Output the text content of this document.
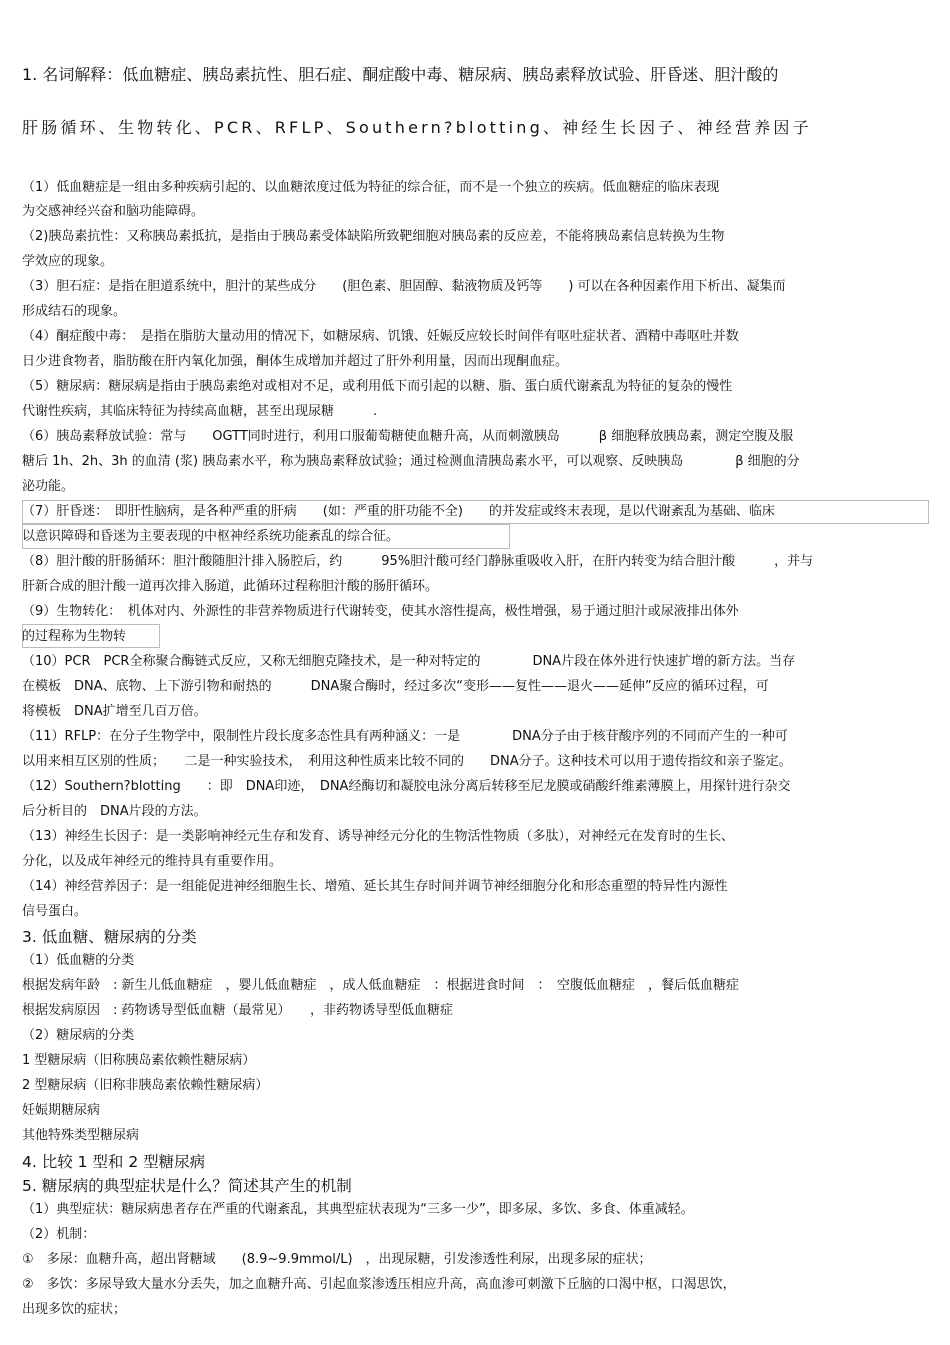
1. 名词解释：低血糖症、胰岛素抗性、胆石症、酮症酸中毒、糖尿病、胰岛素释放试验、肝昏迷、胆汁酸的
肝肠循环、生物转化、PCR、RFLP、Southern?blotting、神经生长因子、神经营养因子
（1）低血糖症是一组由多种疾病引起的、以血糖浓度过低为特征的综合征，而不是一个独立的疾病。低血糖症的临床表现
为交感神经兴奋和脑功能障碍。
（2)胰岛素抗性：又称胰岛素抵抗，是指由于胰岛素受体缺陷所致靶细胞对胰岛素的反应差，不能将胰岛素信息转换为生物
学效应的现象。
（3）胆石症：是指在胆道系统中，胆汁的某些成分　　(胆色素、胆固醇、黏液物质及钙等　　) 可以在各种因素作用下析出、凝集而
形成结石的现象。
（4）酮症酸中毒：　是指在脂肪大量动用的情况下，如糖尿病、饥饿、妊娠反应较长时间伴有呕吐症状者、酒精中毒呕吐并数
日少进食物者，脂肪酸在肝内氧化加强，酮体生成增加并超过了肝外利用量，因而出现酮血症。
（5）糖尿病：糖尿病是指由于胰岛素绝对或相对不足，或利用低下而引起的以糖、脂、蛋白质代谢紊乱为特征的复杂的慢性
代谢性疾病，其临床特征为持续高血糖，甚至出现尿糖　　　.
（6）胰岛素释放试验：常与　　OGTT同时进行，利用口服葡萄糖使血糖升高，从而刺激胰岛　　　β 细胞释放胰岛素，测定空腹及服
糖后 1h、2h、3h 的血清 (浆) 胰岛素水平，称为胰岛素释放试验；通过检测血清胰岛素水平，可以观察、反映胰岛　　　　β 细胞的分
泌功能。
（7）肝昏迷：　即肝性脑病，是各种严重的肝病　　(如：严重的肝功能不全)　　的并发症或终末表现，是以代谢紊乱为基础、临床
以意识障碍和昏迷为主要表现的中枢神经系统功能紊乱的综合征。
（8）胆汁酸的肝肠循环：胆汁酸随胆汁排入肠腔后，约　　　95%胆汁酸可经门静脉重吸收入肝，在肝内转变为结合胆汁酸　　　，并与
肝新合成的胆汁酸一道再次排入肠道，此循环过程称胆汁酸的肠肝循环。
（9）生物转化：　机体对内、外源性的非营养物质进行代谢转变，使其水溶性提高，极性增强，易于通过胆汁或尿液排出体外
的过程称为生物转
（10）PCR　PCR全称聚合酶链式反应，又称无细胞克隆技术，是一种对特定的　　　　DNA片段在体外进行快速扩增的新方法。当存
在模板　DNA、底物、上下游引物和耐热的　　　DNA聚合酶时，经过多次“变形——复性——退火——延伸”反应的循环过程，可
将模板　DNA扩增至几百万倍。
（11）RFLP：在分子生物学中，限制性片段长度多态性具有两种涵义：一是　　　　DNA分子由于核苷酸序列的不同而产生的一种可
以用来相互区别的性质；　　二是一种实验技术，　利用这种性质来比较不同的　　DNA分子。这种技术可以用于遗传指纹和亲子鉴定。
（12）Southern?blotting　　：即　DNA印迹，　DNA经酶切和凝胶电泳分离后转移至尼龙膜或硝酸纤维素薄膜上，用探针进行杂交
后分析目的　DNA片段的方法。
（13）神经生长因子：是一类影响神经元生存和发育、诱导神经元分化的生物活性物质（多肽），对神经元在发育时的生长、
分化，以及成年神经元的维持具有重要作用。
（14）神经营养因子：是一组能促进神经细胞生长、增殖、延长其生存时间并调节神经细胞分化和形态重塑的特异性内源性
信号蛋白。
3. 低血糖、糖尿病的分类
（1）低血糖的分类
根据发病年龄　: 新生儿低血糖症　，婴儿低血糖症　，成人低血糖症　：根据进食时间　：　空腹低血糖症　，餐后低血糖症
根据发病原因　: 药物诱导型低血糖（最常见）　　，非药物诱导型低血糖症
（2）糖尿病的分类
1 型糖尿病（旧称胰岛素依赖性糖尿病）
2 型糖尿病（旧称非胰岛素依赖性糖尿病）
妊娠期糖尿病
其他特殊类型糖尿病
4. 比较 1 型和 2 型糖尿病
5. 糖尿病的典型症状是什么？简述其产生的机制
（1）典型症状：糖尿病患者存在严重的代谢紊乱，其典型症状表现为“三多一少”，即多尿、多饮、多食、体重减轻。
（2）机制：
①　多尿：血糖升高，超出肾糖域　　(8.9~9.9mmol/L)　，出现尿糖，引发渗透性利尿，出现多尿的症状；
②　多饮：多尿导致大量水分丢失，加之血糖升高、引起血浆渗透压相应升高，高血渗可刺激下丘脑的口渴中枢，口渴思饮，
出现多饮的症状；
